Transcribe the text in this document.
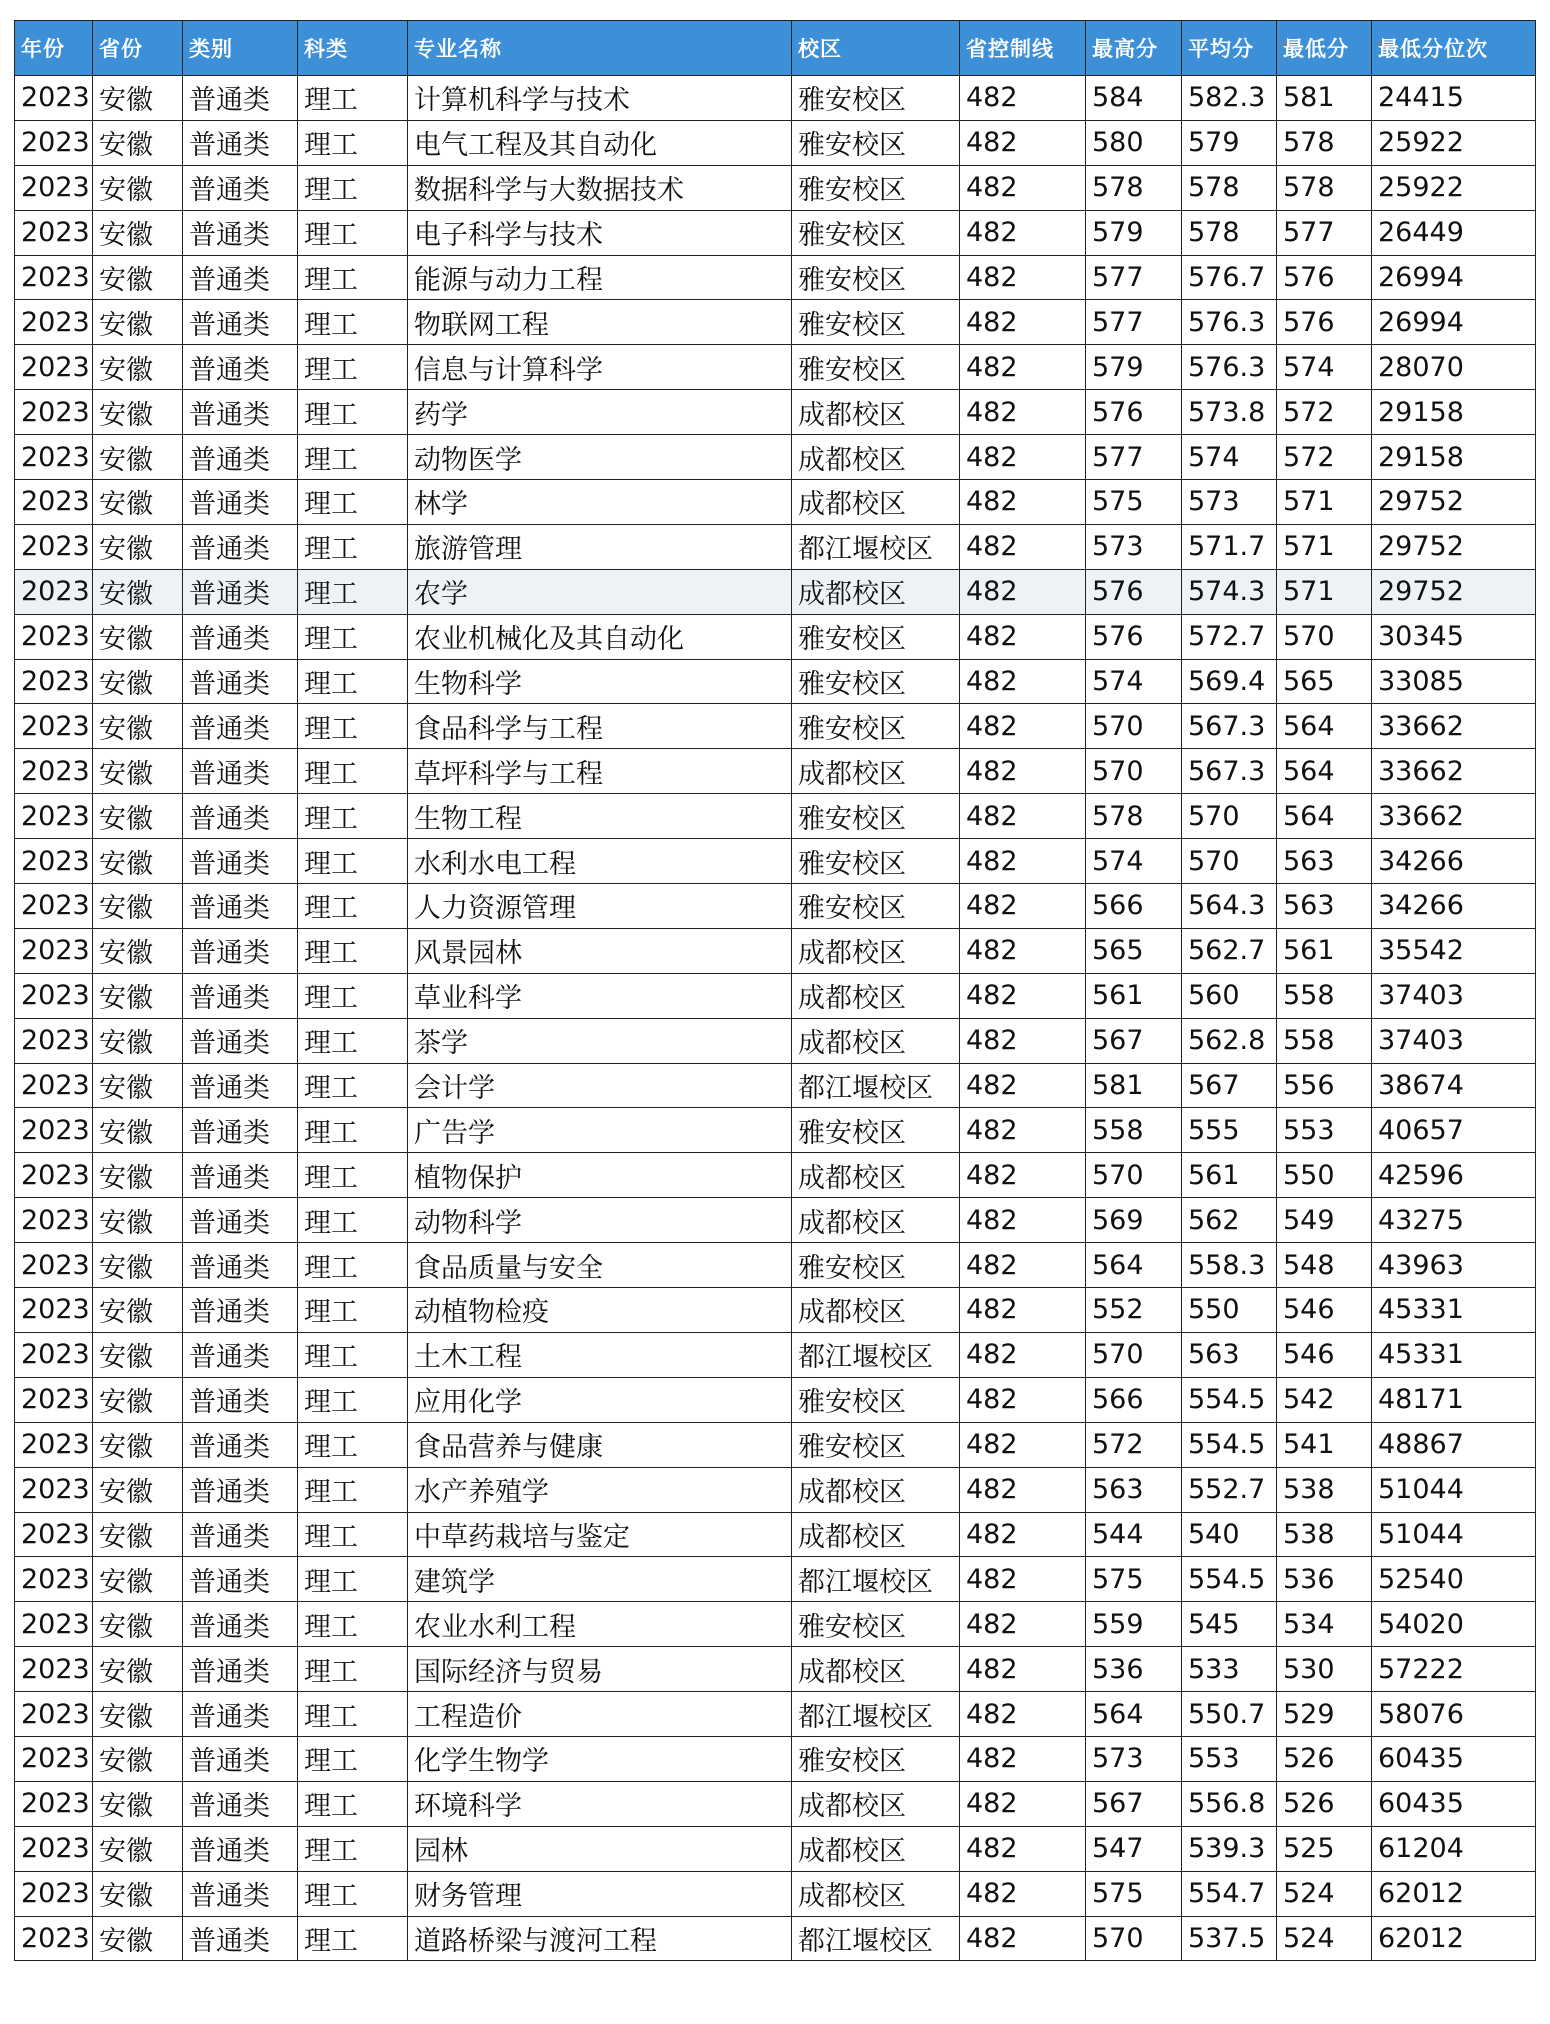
年份	省份	类别	科类	专业名称	校区	省控制线	最高分	平均分	最低分	最低分位次
2023	安徽	普通类	理工	计算机科学与技术	雅安校区	482	584	582.3	581	24415
2023	安徽	普通类	理工	电气工程及其自动化	雅安校区	482	580	579	578	25922
2023	安徽	普通类	理工	数据科学与大数据技术	雅安校区	482	578	578	578	25922
2023	安徽	普通类	理工	电子科学与技术	雅安校区	482	579	578	577	26449
2023	安徽	普通类	理工	能源与动力工程	雅安校区	482	577	576.7	576	26994
2023	安徽	普通类	理工	物联网工程	雅安校区	482	577	576.3	576	26994
2023	安徽	普通类	理工	信息与计算科学	雅安校区	482	579	576.3	574	28070
2023	安徽	普通类	理工	药学	成都校区	482	576	573.8	572	29158
2023	安徽	普通类	理工	动物医学	成都校区	482	577	574	572	29158
2023	安徽	普通类	理工	林学	成都校区	482	575	573	571	29752
2023	安徽	普通类	理工	旅游管理	都江堰校区	482	573	571.7	571	29752
2023	安徽	普通类	理工	农学	成都校区	482	576	574.3	571	29752
2023	安徽	普通类	理工	农业机械化及其自动化	雅安校区	482	576	572.7	570	30345
2023	安徽	普通类	理工	生物科学	雅安校区	482	574	569.4	565	33085
2023	安徽	普通类	理工	食品科学与工程	雅安校区	482	570	567.3	564	33662
2023	安徽	普通类	理工	草坪科学与工程	成都校区	482	570	567.3	564	33662
2023	安徽	普通类	理工	生物工程	雅安校区	482	578	570	564	33662
2023	安徽	普通类	理工	水利水电工程	雅安校区	482	574	570	563	34266
2023	安徽	普通类	理工	人力资源管理	雅安校区	482	566	564.3	563	34266
2023	安徽	普通类	理工	风景园林	成都校区	482	565	562.7	561	35542
2023	安徽	普通类	理工	草业科学	成都校区	482	561	560	558	37403
2023	安徽	普通类	理工	茶学	成都校区	482	567	562.8	558	37403
2023	安徽	普通类	理工	会计学	都江堰校区	482	581	567	556	38674
2023	安徽	普通类	理工	广告学	雅安校区	482	558	555	553	40657
2023	安徽	普通类	理工	植物保护	成都校区	482	570	561	550	42596
2023	安徽	普通类	理工	动物科学	成都校区	482	569	562	549	43275
2023	安徽	普通类	理工	食品质量与安全	雅安校区	482	564	558.3	548	43963
2023	安徽	普通类	理工	动植物检疫	成都校区	482	552	550	546	45331
2023	安徽	普通类	理工	土木工程	都江堰校区	482	570	563	546	45331
2023	安徽	普通类	理工	应用化学	雅安校区	482	566	554.5	542	48171
2023	安徽	普通类	理工	食品营养与健康	雅安校区	482	572	554.5	541	48867
2023	安徽	普通类	理工	水产养殖学	成都校区	482	563	552.7	538	51044
2023	安徽	普通类	理工	中草药栽培与鉴定	成都校区	482	544	540	538	51044
2023	安徽	普通类	理工	建筑学	都江堰校区	482	575	554.5	536	52540
2023	安徽	普通类	理工	农业水利工程	雅安校区	482	559	545	534	54020
2023	安徽	普通类	理工	国际经济与贸易	成都校区	482	536	533	530	57222
2023	安徽	普通类	理工	工程造价	都江堰校区	482	564	550.7	529	58076
2023	安徽	普通类	理工	化学生物学	雅安校区	482	573	553	526	60435
2023	安徽	普通类	理工	环境科学	成都校区	482	567	556.8	526	60435
2023	安徽	普通类	理工	园林	成都校区	482	547	539.3	525	61204
2023	安徽	普通类	理工	财务管理	成都校区	482	575	554.7	524	62012
2023	安徽	普通类	理工	道路桥梁与渡河工程	都江堰校区	482	570	537.5	524	62012
